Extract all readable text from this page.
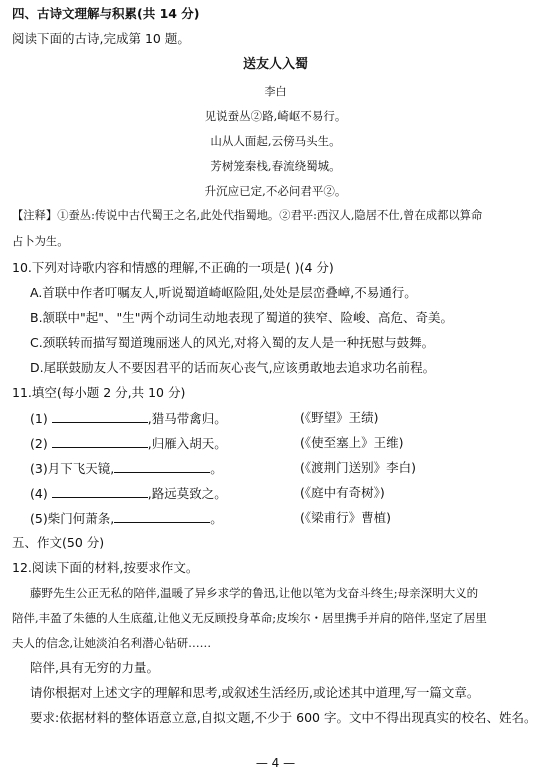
四、古诗文理解与积累(共 14 分)
阅读下面的古诗,完成第 10 题。
送友人入蜀
李白
见说蚕丛②路,崎岖不易行。
山从人面起,云傍马头生。
芳树笼秦栈,春流绕蜀城。
升沉应已定,不必问君平②。
【注释】①蚕丛:传说中古代蜀王之名,此处代指蜀地。②君平:西汉人,隐居不仕,曾在成都以算命
占卜为生。
10.下列对诗歌内容和情感的理解,不正确的一项是( )(4 分)
A.首联中作者叮嘱友人,听说蜀道崎岖险阻,处处是层峦叠嶂,不易通行。
B.颔联中"起"、"生"两个动词生动地表现了蜀道的狭窄、险峻、高危、奇美。
C.颈联转而描写蜀道瑰丽迷人的风光,对将入蜀的友人是一种抚慰与鼓舞。
D.尾联鼓励友人不要因君平的话而灰心丧气,应该勇敢地去追求功名前程。
11.填空(每小题 2 分,共 10 分)
(1)	,猎马带禽归。	(《野望》王绩)
(2)	,归雁入胡天。	(《使至塞上》王维)
(3)月下飞天镜,	。	(《渡荆门送别》李白)
(4)	,路远莫致之。	(《庭中有奇树》)
(5)柴门何萧条,	。	(《梁甫行》曹植)
五、作文(50 分)
12.阅读下面的材料,按要求作文。
藤野先生公正无私的陪伴,温暖了异乡求学的鲁迅,让他以笔为戈奋斗终生;母亲深明大义的
陪伴,丰盈了朱德的人生底蕴,让他义无反顾投身革命;皮埃尔・居里携手并肩的陪伴,坚定了居里
夫人的信念,让她淡泊名利潜心钻研……
陪伴,具有无穷的力量。
请你根据对上述文字的理解和思考,或叙述生活经历,或论述其中道理,写一篇文章。
要求:依据材料的整体语意立意,自拟文题,不少于 600 字。文中不得出现真实的校名、姓名。
— 4 —
